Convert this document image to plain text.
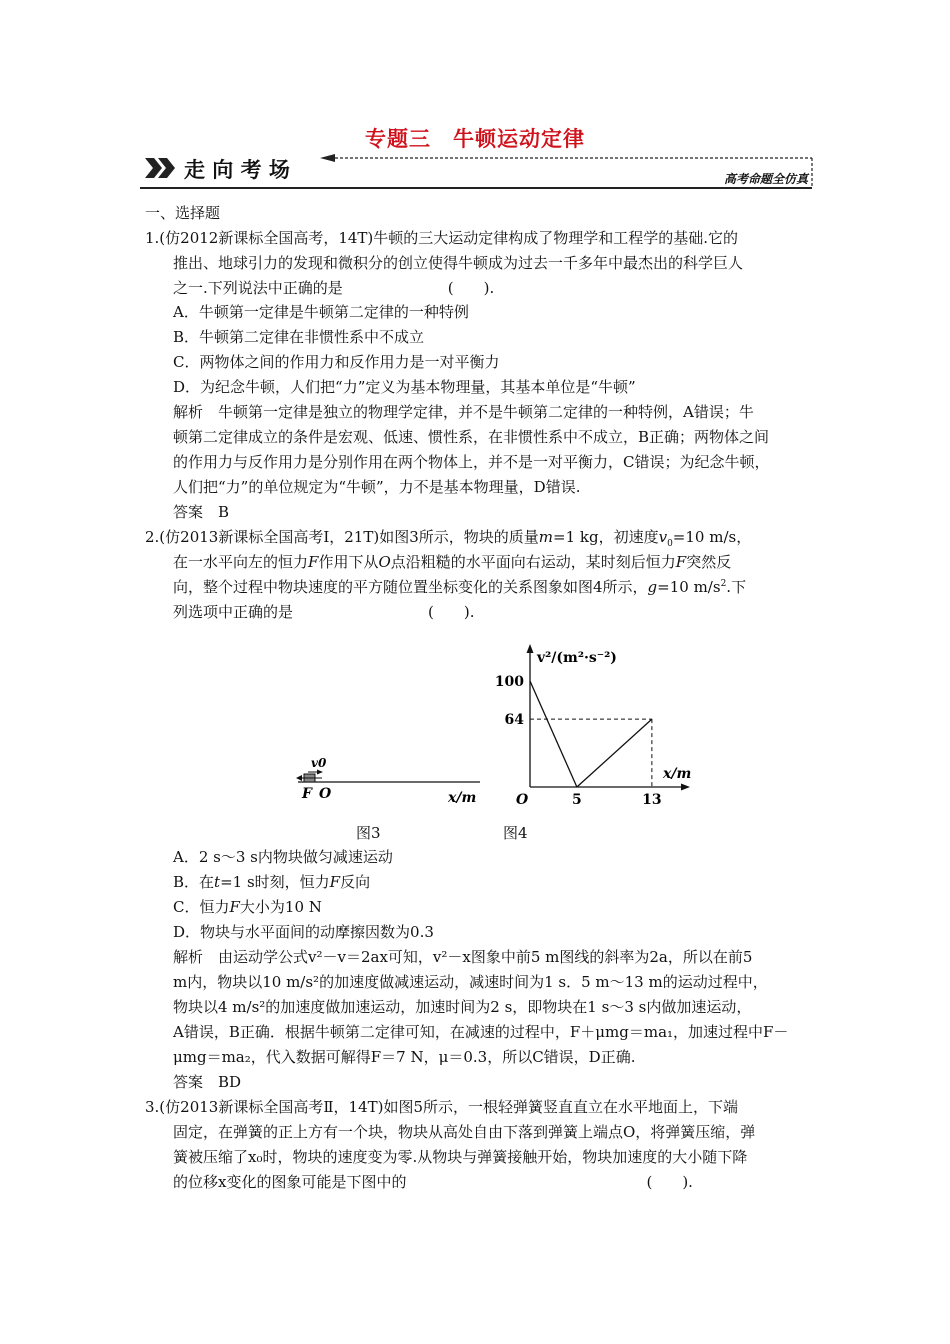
专题三　牛顿运动定律
走 向 考 场	高考命题全仿真
一、选择题
1.(仿2012新课标全国高考，14T)牛顿的三大运动定律构成了物理学和工程学的基础.它的
推出、地球引力的发现和微积分的创立使得牛顿成为过去一千多年中最杰出的科学巨人
之一.下列说法中正确的是　　　　　　　(　　).
A．牛顿第一定律是牛顿第二定律的一种特例
B．牛顿第二定律在非惯性系中不成立
C．两物体之间的作用力和反作用力是一对平衡力
D．为纪念牛顿，人们把“力”定义为基本物理量，其基本单位是“牛顿”
解析　牛顿第一定律是独立的物理学定律，并不是牛顿第二定律的一种特例，A错误；牛
顿第二定律成立的条件是宏观、低速、惯性系，在非惯性系中不成立，B正确；两物体之间
的作用力与反作用力是分别作用在两个物体上，并不是一对平衡力，C错误；为纪念牛顿，
人们把“力”的单位规定为“牛顿”，力不是基本物理量，D错误.
答案　B
2.(仿2013新课标全国高考Ⅰ，21T)如图3所示，物块的质量m=1 kg，初速度$v_0=10$ m/s，
在一水平向左的恒力F作用下从O点沿粗糙的水平面向右运动，某时刻后恒力F突然反
向，整个过程中物块速度的平方随位置坐标变化的关系图象如图4所示，g=10 $m/s^2$.下
列选项中正确的是　　　　　　　　　(　　).
v0
F O	x/m
v²/(m²·s⁻²)
x/m
100
64
O	5	13
图3	图4
A．2 s～3 s内物块做匀减速运动
B．在t=1 s时刻，恒力F反向
C．恒力F大小为10 N
D．物块与水平面间的动摩擦因数为0.3
解析　由运动学公式v²－v＝2ax可知，v²－x图象中前5 m图线的斜率为2a，所以在前5
m内，物块以10 m/s²的加速度做减速运动，减速时间为1 s．5 m～13 m的运动过程中，
物块以4 m/s²的加速度做加速运动，加速时间为2 s，即物块在1 s～3 s内做加速运动，
A错误，B正确．根据牛顿第二定律可知，在减速的过程中，F＋μmg＝ma₁，加速过程中F－
μmg＝ma₂，代入数据可解得F＝7 N，μ＝0.3，所以C错误，D正确.
答案　BD
3.(仿2013新课标全国高考Ⅱ，14T)如图5所示，一根轻弹簧竖直直立在水平地面上，下端
固定，在弹簧的正上方有一个块，物块从高处自由下落到弹簧上端点O，将弹簧压缩，弹
簧被压缩了x₀时，物块的速度变为零.从物块与弹簧接触开始，物块加速度的大小随下降
的位移x变化的图象可能是下图中的　　　　　　　　　　　　　　　　(　　).
